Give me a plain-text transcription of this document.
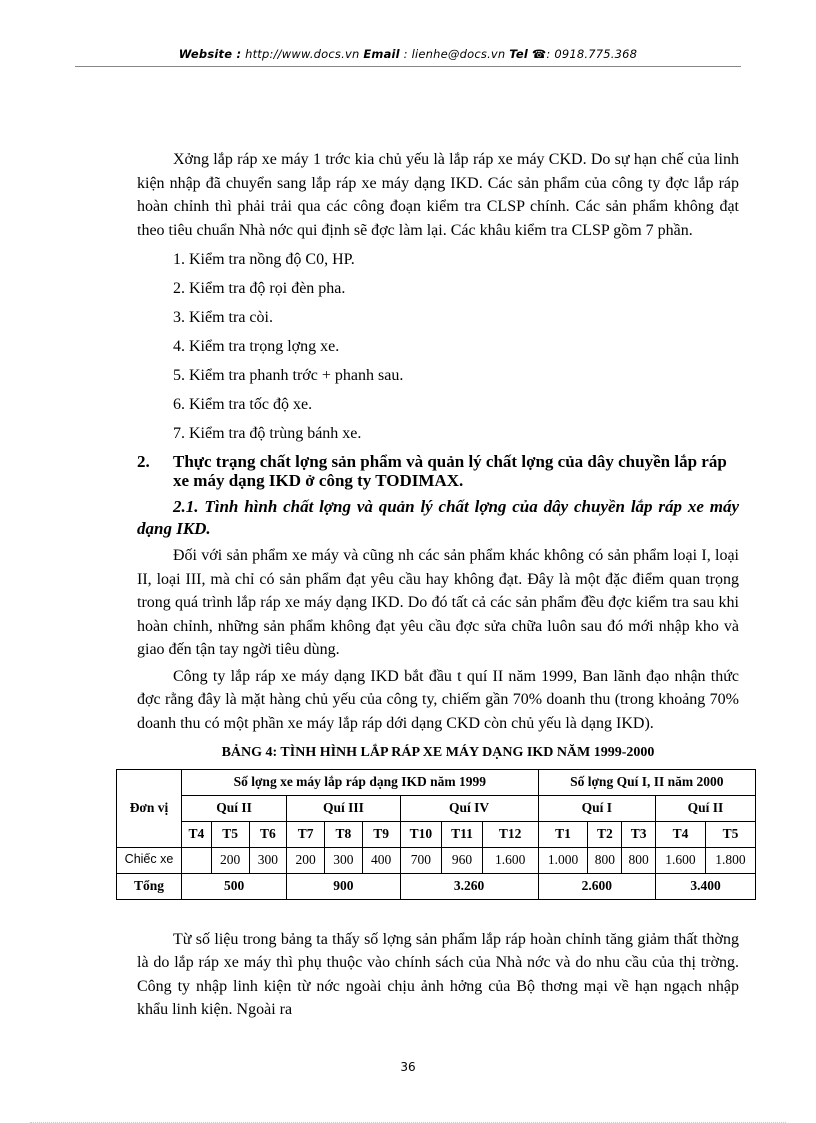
Website : http://www.docs.vn Email : lienhe@docs.vn Tel ☎: 0918.775.368

Xởng lắp ráp xe máy 1 trớc kia chủ yếu là lắp ráp xe máy CKD. Do sự hạn chế của linh kiện nhập đã chuyển sang lắp ráp xe máy dạng IKD. Các sản phẩm của công ty đợc lắp ráp hoàn chỉnh thì phải trải qua các công đoạn kiểm tra CLSP chính. Các sản phẩm không đạt theo tiêu chuẩn Nhà nớc qui định sẽ đợc làm lại. Các khâu kiểm tra CLSP gồm 7 phần.

1. Kiểm tra nồng độ C0, HP.

2. Kiểm tra độ rọi đèn pha.

3. Kiểm tra còi.

4. Kiểm tra trọng lợng xe.

5. Kiểm tra phanh trớc + phanh sau.

6. Kiểm tra tốc độ xe.

7. Kiểm tra độ trùng bánh xe.

2.	Thực trạng chất lợng sản phẩm và quản lý chất lợng của dây chuyền lắp ráp xe máy dạng IKD ở công ty TODIMAX.

2.1. Tình hình chất lợng và quản lý chất lợng của dây chuyền lắp ráp xe máy dạng IKD.

Đối với sản phẩm xe máy và cũng nh các sản phẩm khác không có sản phẩm loại I, loại II, loại III, mà chỉ có sản phẩm đạt yêu cầu hay không đạt. Đây là một đặc điểm quan trọng trong quá trình lắp ráp xe máy dạng IKD. Do đó tất cả các sản phẩm đều đợc kiểm tra sau khi hoàn chỉnh, những sản phẩm không đạt yêu cầu đợc sửa chữa luôn sau đó mới nhập kho và giao đến tận tay ngời tiêu dùng.

Công ty lắp ráp xe máy dạng IKD bắt đầu t quí II năm 1999, Ban lãnh đạo nhận thức đợc rằng đây là mặt hàng chủ yếu của công ty, chiếm gần 70% doanh thu (trong khoảng 70% doanh thu có một phần xe máy lắp ráp dới dạng CKD còn chủ yếu là dạng IKD).

BẢNG 4: TÌNH HÌNH LẮP RÁP XE MÁY DẠNG IKD NĂM 1999-2000
Đơn vị	Số lợng xe máy lắp ráp dạng IKD năm 1999									Số lợng Quí I, II năm 2000				
	Quí II			Quí III			Quí IV			Quí I			Quí II	
	T4	T5	T6	T7	T8	T9	T10	T11	T12	T1	T2	T3	T4	T5
Chiếc xe		200	300	200	300	400	700	960	1.600	1.000	800	800	1.600	1.800
Tổng	500			900			3.260			2.600			3.400	

Từ số liệu trong bảng ta thấy số lợng sản phẩm lắp ráp hoàn chỉnh tăng giảm thất thờng là do lắp ráp xe máy thì phụ thuộc vào chính sách của Nhà nớc và do nhu cầu của thị trờng. Công ty nhập linh kiện từ nớc ngoài chịu ảnh hởng của Bộ thơng mại về hạn ngạch nhập khẩu linh kiện. Ngoài ra

36
